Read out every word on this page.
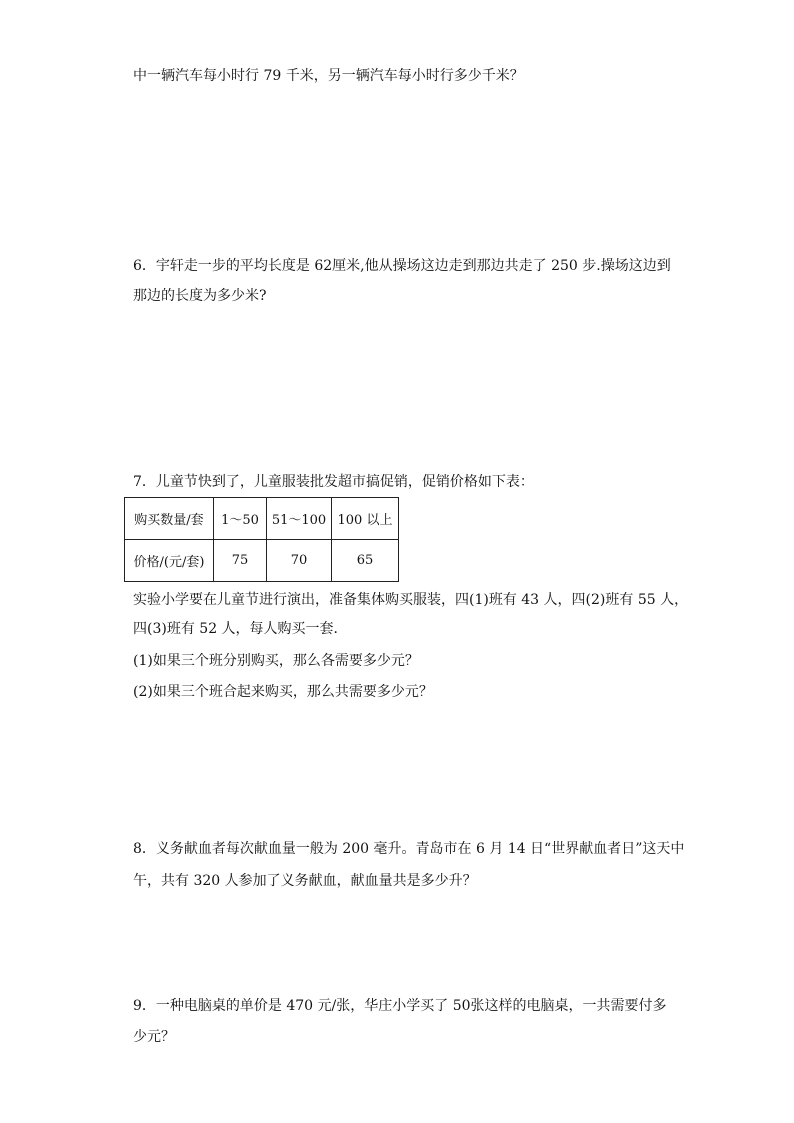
中一辆汽车每小时行 79 千米，另一辆汽车每小时行多少千米？
6．宇轩走一步的平均长度是 62厘米,他从操场这边走到那边共走了 250 步.操场这边到
那边的长度为多少米?
7．儿童节快到了，儿童服装批发超市搞促销，促销价格如下表：
购买数量/套	1～50	51～100	100 以上
价格/(元/套)	75	70	65
实验小学要在儿童节进行演出，准备集体购买服装，四(1)班有 43 人，四(2)班有 55 人，
四(3)班有 52 人，每人购买一套．
(1)如果三个班分别购买，那么各需要多少元？
(2)如果三个班合起来购买，那么共需要多少元？
8．义务献血者每次献血量一般为 200 毫升。青岛市在 6 月 14 日“世界献血者日”这天中
午，共有 320 人参加了义务献血，献血量共是多少升？
9．一种电脑桌的单价是 470 元/张，华庄小学买了 50张这样的电脑桌，一共需要付多
少元？
